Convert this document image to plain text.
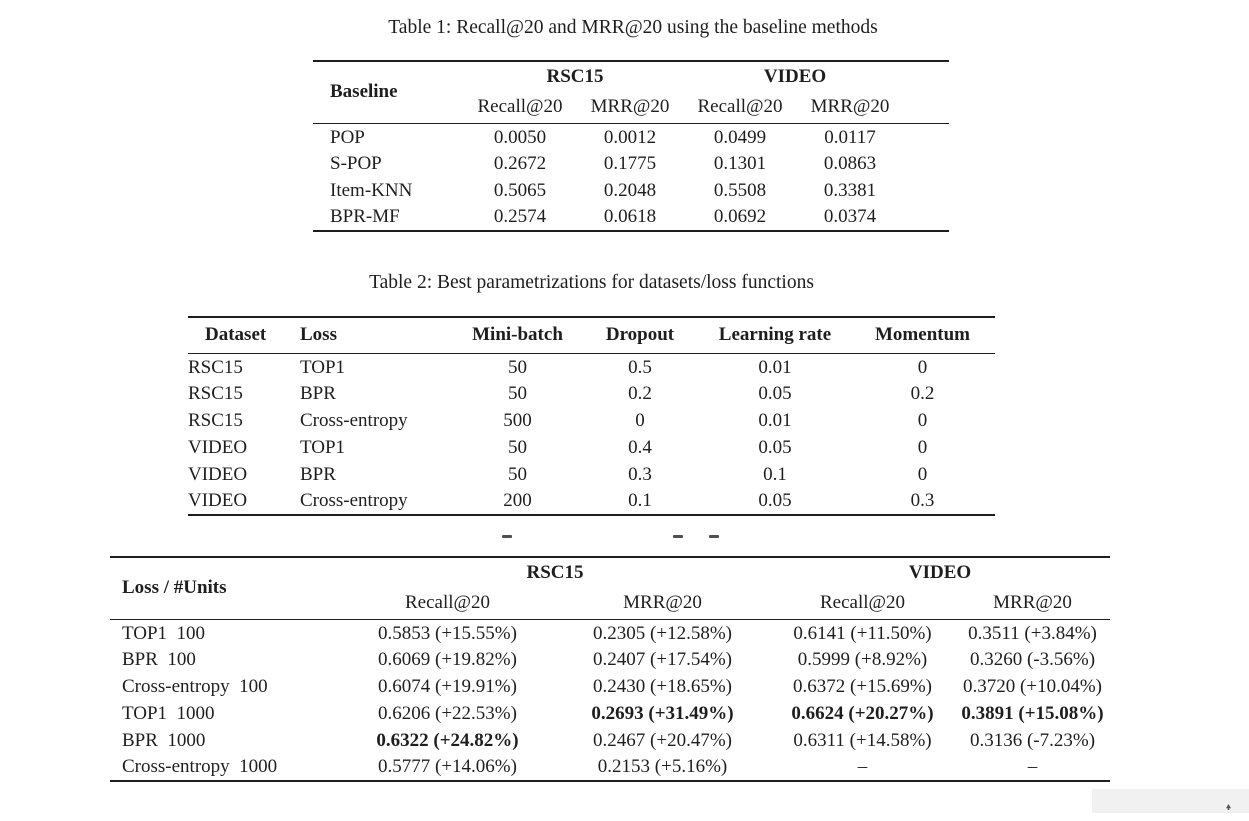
Table 1: Recall@20 and MRR@20 using the baseline methods
Baseline	RSC15		VIDEO		
	Recall@20	MRR@20	Recall@20	MRR@20	
POP	0.0050	0.0012	0.0499	0.0117	
S-POP	0.2672	0.1775	0.1301	0.0863	
Item-KNN	0.5065	0.2048	0.5508	0.3381	
BPR-MF	0.2574	0.0618	0.0692	0.0374	
Table 2: Best parametrizations for datasets/loss functions
Dataset	Loss	Mini-batch	Dropout	Learning rate	Momentum
RSC15	TOP1	50	0.5	0.01	0
RSC15	BPR	50	0.2	0.05	0.2
RSC15	Cross-entropy	500	0	0.01	0
VIDEO	TOP1	50	0.4	0.05	0
VIDEO	BPR	50	0.3	0.1	0
VIDEO	Cross-entropy	200	0.1	0.05	0.3
Loss / #Units	RSC15		VIDEO	
	Recall@20	MRR@20	Recall@20	MRR@20
TOP1  100	0.5853 (+15.55%)	0.2305 (+12.58%)	0.6141 (+11.50%)	0.3511 (+3.84%)
BPR  100	0.6069 (+19.82%)	0.2407 (+17.54%)	0.5999 (+8.92%)	0.3260 (-3.56%)
Cross-entropy  100	0.6074 (+19.91%)	0.2430 (+18.65%)	0.6372 (+15.69%)	0.3720 (+10.04%)
TOP1  1000	0.6206 (+22.53%)	0.2693 (+31.49%)	0.6624 (+20.27%)	0.3891 (+15.08%)
BPR  1000	0.6322 (+24.82%)	0.2467 (+20.47%)	0.6311 (+14.58%)	0.3136 (-7.23%)
Cross-entropy  1000	0.5777 (+14.06%)	0.2153 (+5.16%)	–	–
